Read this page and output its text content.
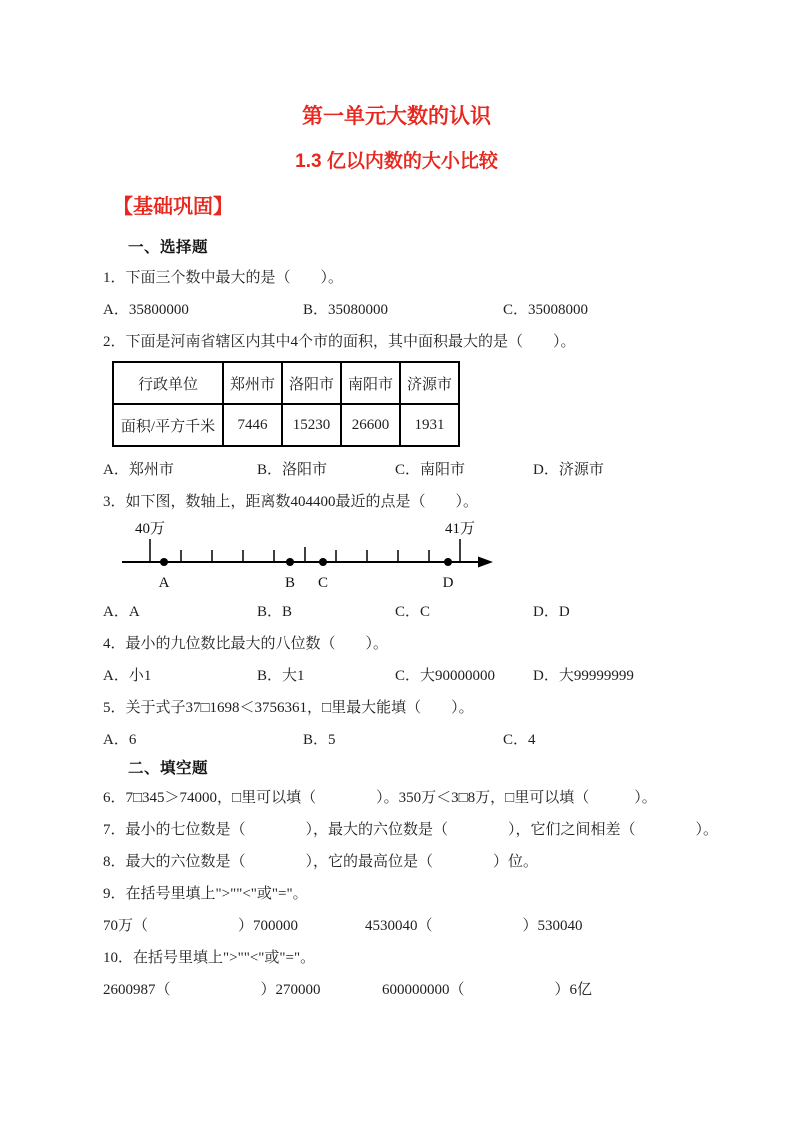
第一单元大数的认识
1.3 亿以内数的大小比较
【基础巩固】
一、选择题
1．下面三个数中最大的是（　　）。
A．35800000	B．35080000	C．35008000
2．下面是河南省辖区内其中4个市的面积，其中面积最大的是（　　）。
行政单位	郑州市	洛阳市	南阳市	济源市
面积/平方千米	7446	15230	26600	1931
A．郑州市	B．洛阳市	C．南阳市	D．济源市
3．如下图，数轴上，距离数404400最近的点是（　　）。
40万	41万
A	B C	D
A．A	B．B	C．C	D．D
4．最小的九位数比最大的八位数（　　）。
A．小1	B．大1	C．大90000000	D．大99999999
5．关于式子37□1698＜3756361，□里最大能填（　　）。
A．6	B．5	C．4
二、填空题
6．7□345＞74000，□里可以填（　　　　）。350万＜3□8万，□里可以填（　　　）。
7．最小的七位数是（　　　　），最大的六位数是（　　　　），它们之间相差（　　　　）。
8．最大的六位数是（　　　　），它的最高位是（　　　　）位。
9．在括号里填上">""<"或"="。
70万（　　　　　　）700000	4530040（　　　　　　）530040
10．在括号里填上">""<"或"="。
2600987（　　　　　　）270000	600000000（　　　　　　）6亿
